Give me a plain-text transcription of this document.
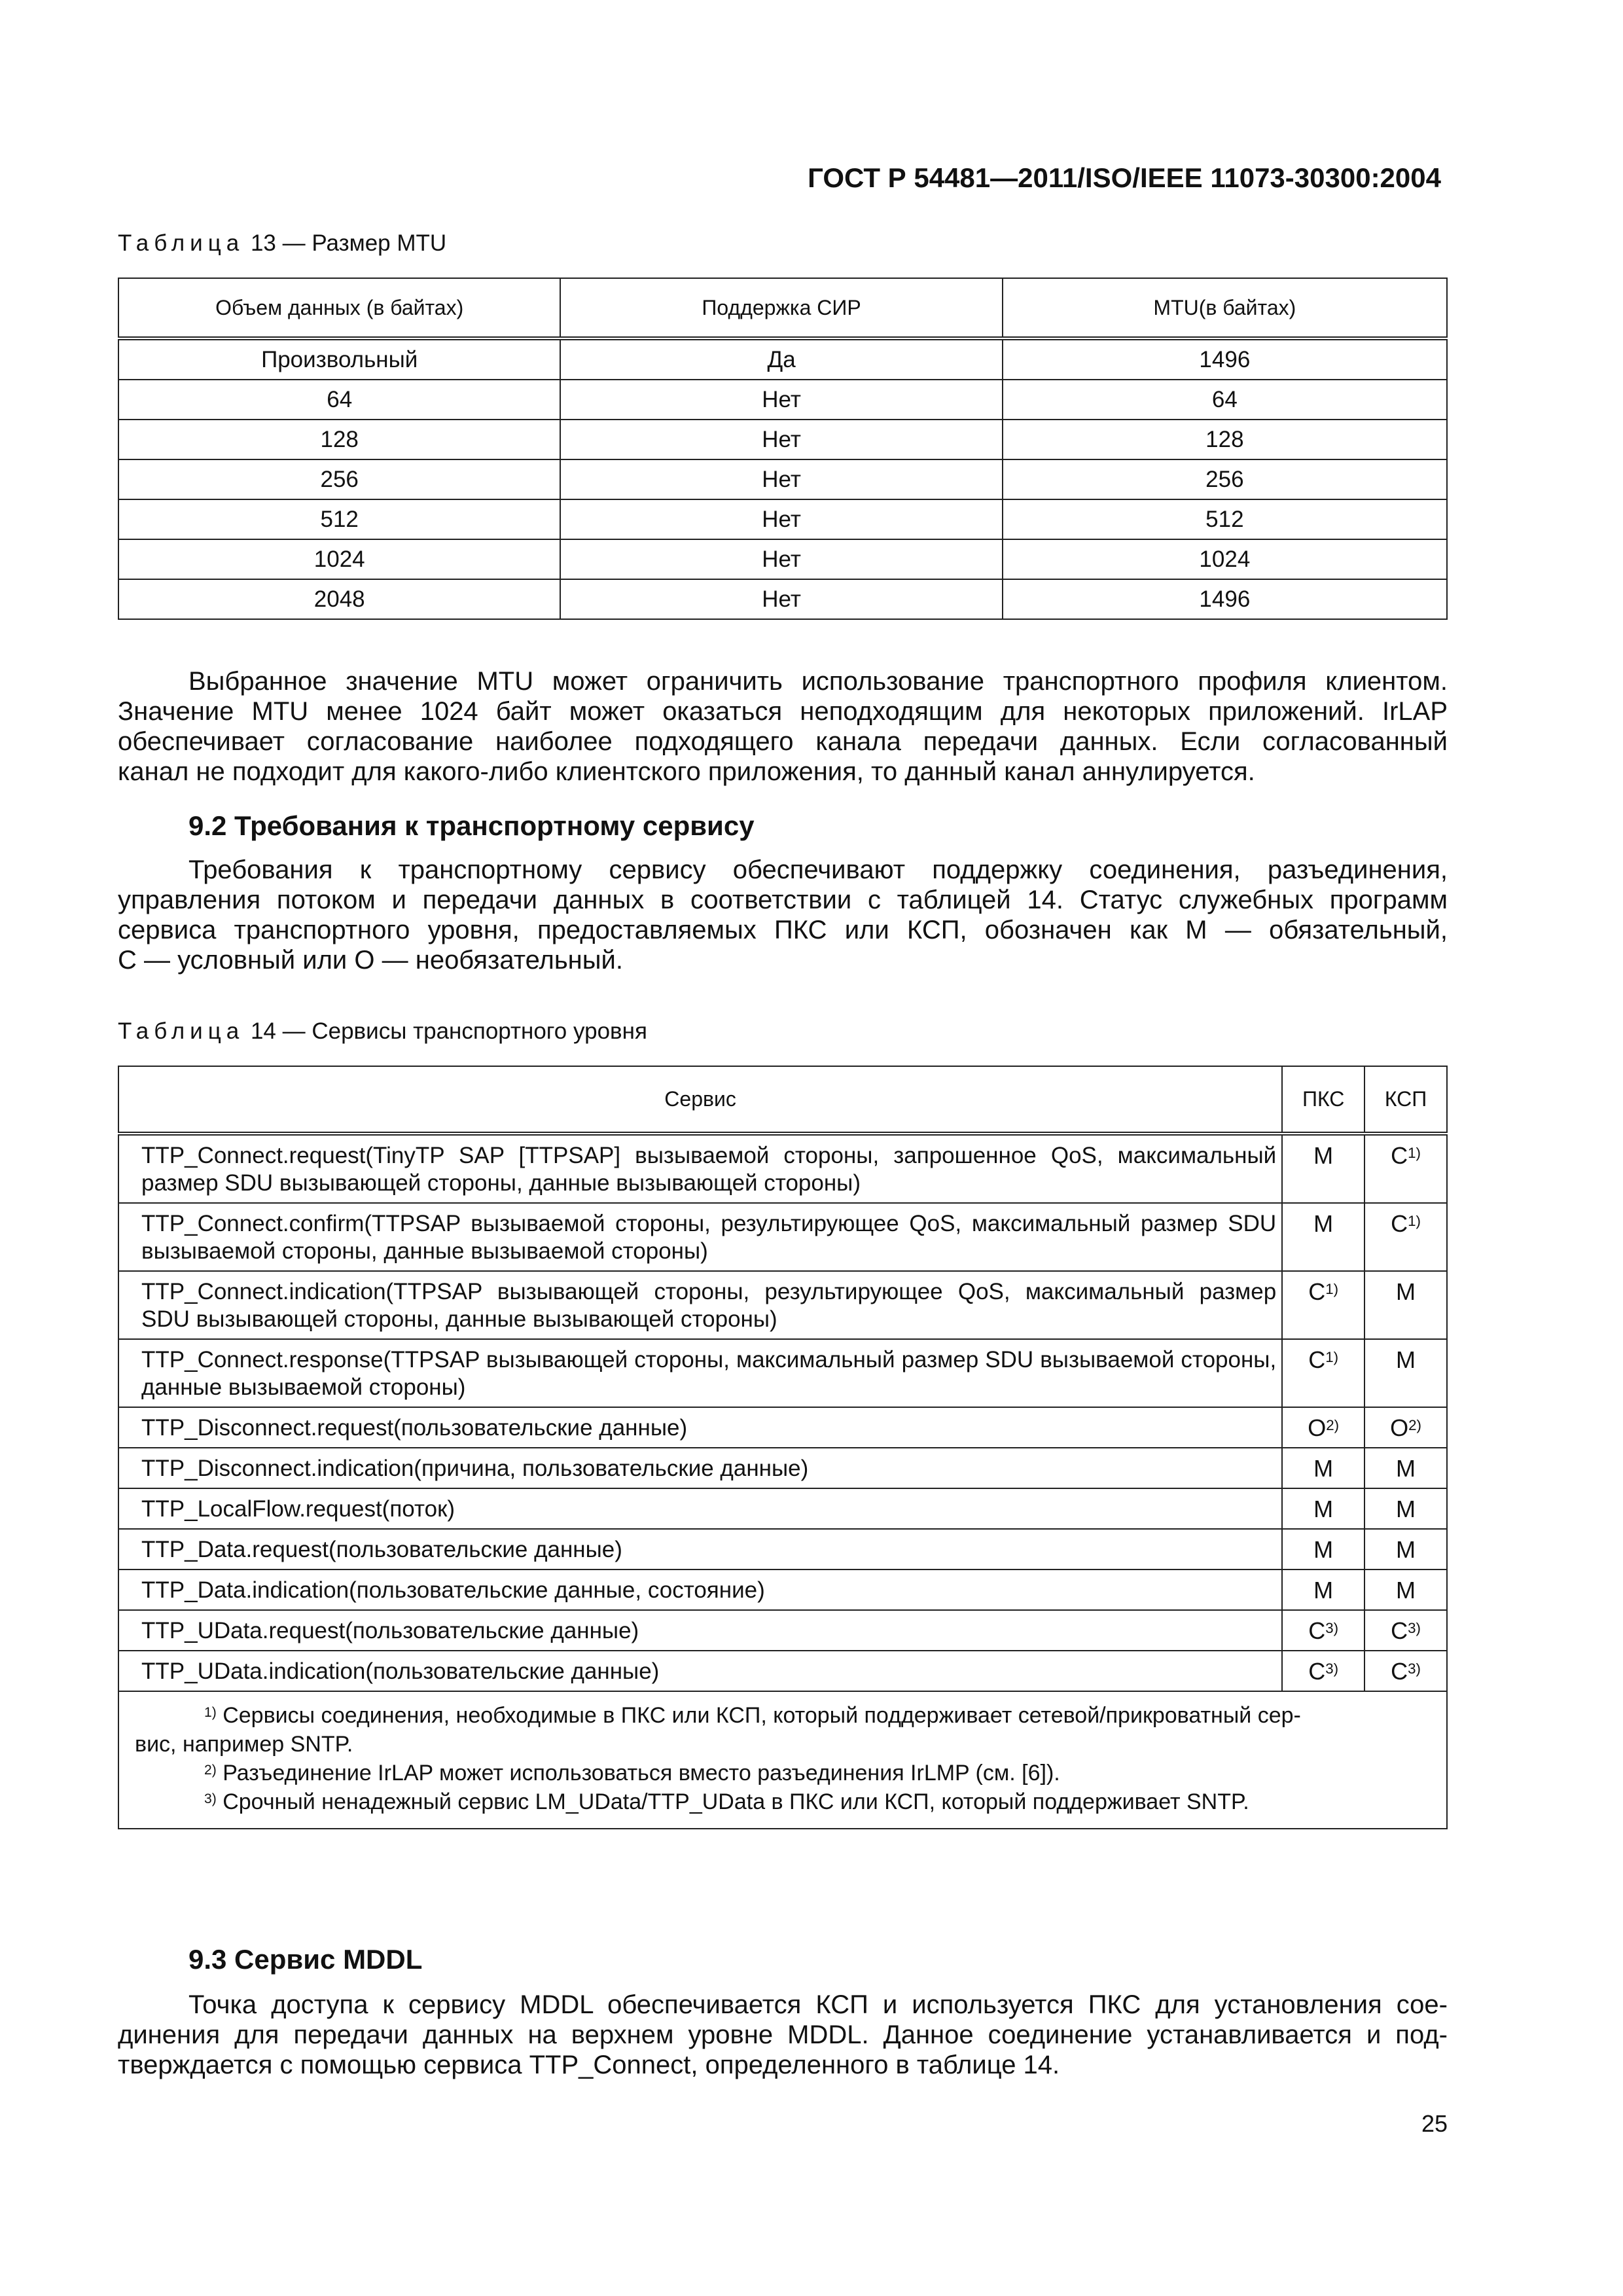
ГОСТ Р 54481—2011/ISO/IEEE 11073-30300:2004
Таблица 13 — Размер MTU
Объем данных (в байтах)	Поддержка СИР	MTU(в байтах)
Произвольный	Да	1496
64	Нет	64
128	Нет	128
256	Нет	256
512	Нет	512
1024	Нет	1024
2048	Нет	1496

Выбранное значение MTU может ограничить использование транспортного профиля клиентом.
Значение MTU менее 1024 байт может оказаться неподходящим для некоторых приложений. IrLAP
обеспечивает согласование наиболее подходящего канала передачи данных. Если согласованный
канал не подходит для какого-либо клиентского приложения, то данный канал аннулируется.

9.2 Требования к транспортному сервису

Требования к транспортному сервису обеспечивают поддержку соединения, разъединения,
управления потоком и передачи данных в соответствии с таблицей 14. Статус служебных программ
сервиса транспортного уровня, предоставляемых ПКС или КСП, обозначен как М — обязательный,
С — условный или О — необязательный.

Таблица 14 — Сервисы транспортного уровня
Сервис	ПКС	КСП
TTP_Connect.request(TinyTP SAP [TTPSAP] вызываемой стороны, запрошенное QoS, максимальный размер SDU вызывающей стороны, данные вызывающей стороны)	M	$C^{1)}$
TTP_Connect.confirm(TTPSAP вызываемой стороны, результирующее QoS, максимальный размер SDU вызываемой стороны, данные вызываемой стороны)	M	$C^{1)}$
TTP_Connect.indication(TTPSAP вызывающей стороны, результирующее QoS, максимальный размер SDU вызывающей стороны, данные вызывающей стороны)	$C^{1)}$	M
TTP_Connect.response(TTPSAP вызывающей стороны, максимальный размер SDU вызываемой стороны, данные вызываемой стороны)	$C^{1)}$	M
TTP_Disconnect.request(пользовательские данные)	$O^{2)}$	$O^{2)}$
TTP_Disconnect.indication(причина, пользовательские данные)	M	M
TTP_LocalFlow.request(поток)	M	M
TTP_Data.request(пользовательские данные)	M	M
TTP_Data.indication(пользовательские данные, состояние)	M	M
TTP_UData.request(пользовательские данные)	$C^{3)}$	$C^{3)}$
TTP_UData.indication(пользовательские данные)	$C^{3)}$	$C^{3)}$

$^{1)}$ Сервисы соединения, необходимые в ПКС или КСП, который поддерживает сетевой/прикроватный сер-
вис, например SNTP.
$^{2)}$ Разъединение IrLAP может использоваться вместо разъединения IrLMP (см. [6]).
$^{3)}$ Срочный ненадежный сервис LM_UData/TTP_UData в ПКС или КСП, который поддерживает SNTP.		
9.3 Сервис MDDL

Точка доступа к сервису MDDL обеспечивается КСП и используется ПКС для установления сое-
динения для передачи данных на верхнем уровне MDDL. Данное соединение устанавливается и под-
тверждается с помощью сервиса TTP_Connect, определенного в таблице 14.

25
